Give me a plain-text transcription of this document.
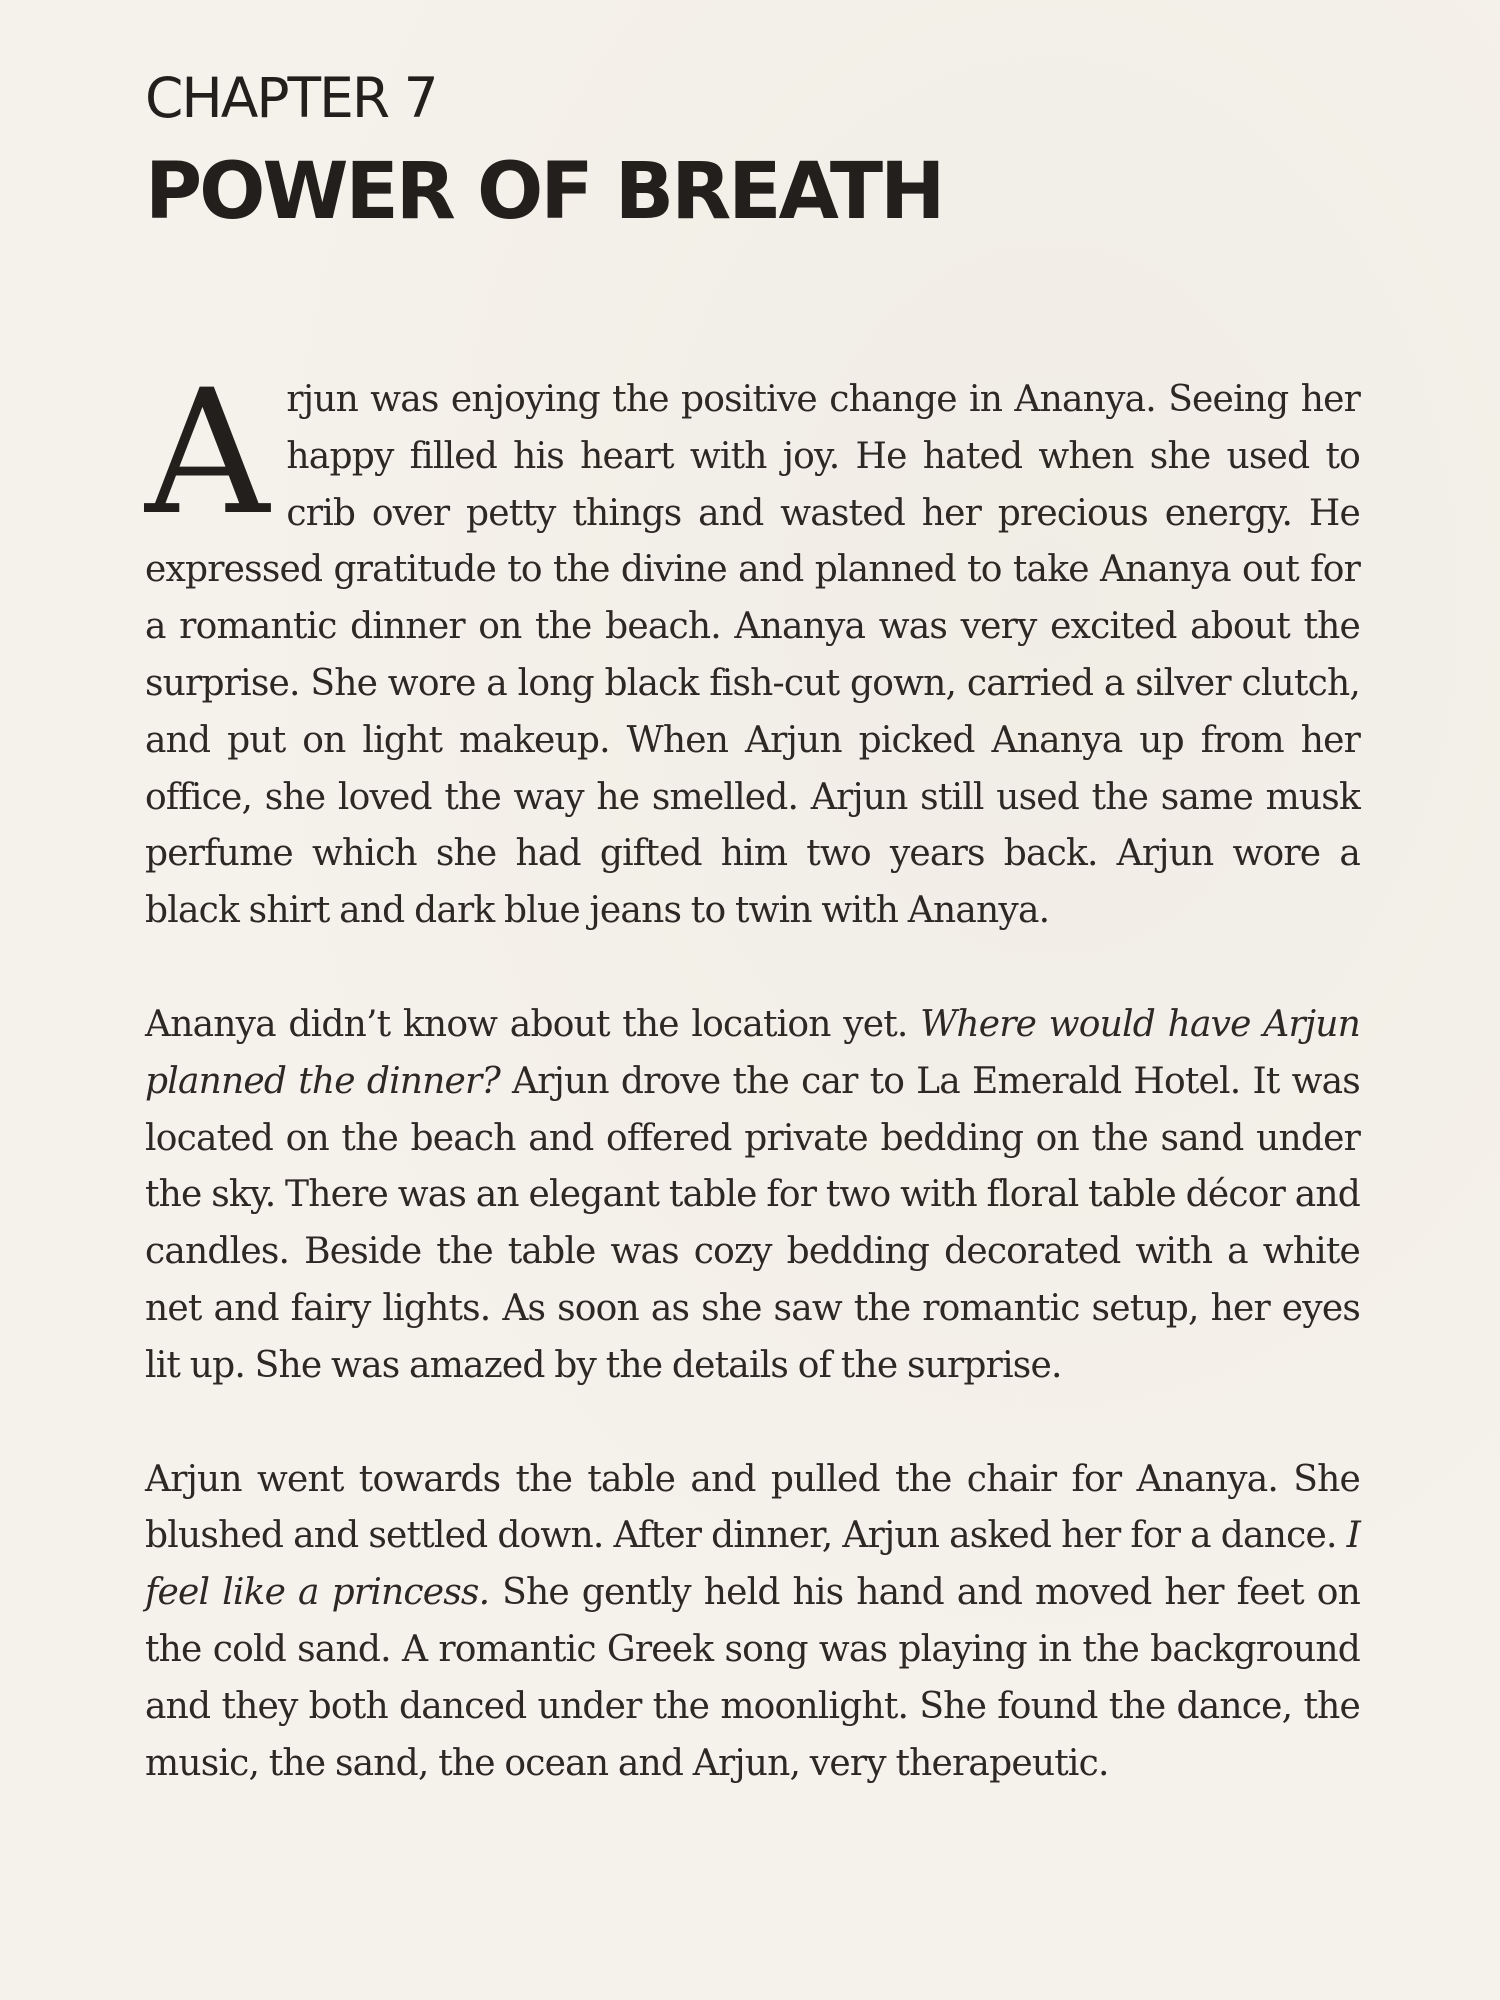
CHAPTER 7
POWER OF BREATH

Arjun was enjoying the positive change in Ananya. Seeing her happy filled his heart with joy. He hated when she used to crib over petty things and wasted her precious energy. He expressed gratitude to the divine and planned to take Ananya out for a romantic dinner on the beach. Ananya was very excited about the surprise. She wore a long black fish-cut gown, carried a silver clutch, and put on light makeup. When Arjun picked Ananya up from her office, she loved the way he smelled. Arjun still used the same musk perfume which she had gifted him two years back. Arjun wore a black shirt and dark blue jeans to twin with Ananya.

Ananya didn’t know about the location yet. Where would have Arjun planned the dinner? Arjun drove the car to La Emerald Hotel. It was located on the beach and offered private bedding on the sand under the sky. There was an elegant table for two with floral table décor and candles. Beside the table was cozy bedding decorated with a white net and fairy lights. As soon as she saw the romantic setup, her eyes lit up. She was amazed by the details of the surprise.

Arjun went towards the table and pulled the chair for Ananya. She blushed and settled down. After dinner, Arjun asked her for a dance. I feel like a princess. She gently held his hand and moved her feet on the cold sand. A romantic Greek song was playing in the background and they both danced under the moonlight. She found the dance, the music, the sand, the ocean and Arjun, very therapeutic.
